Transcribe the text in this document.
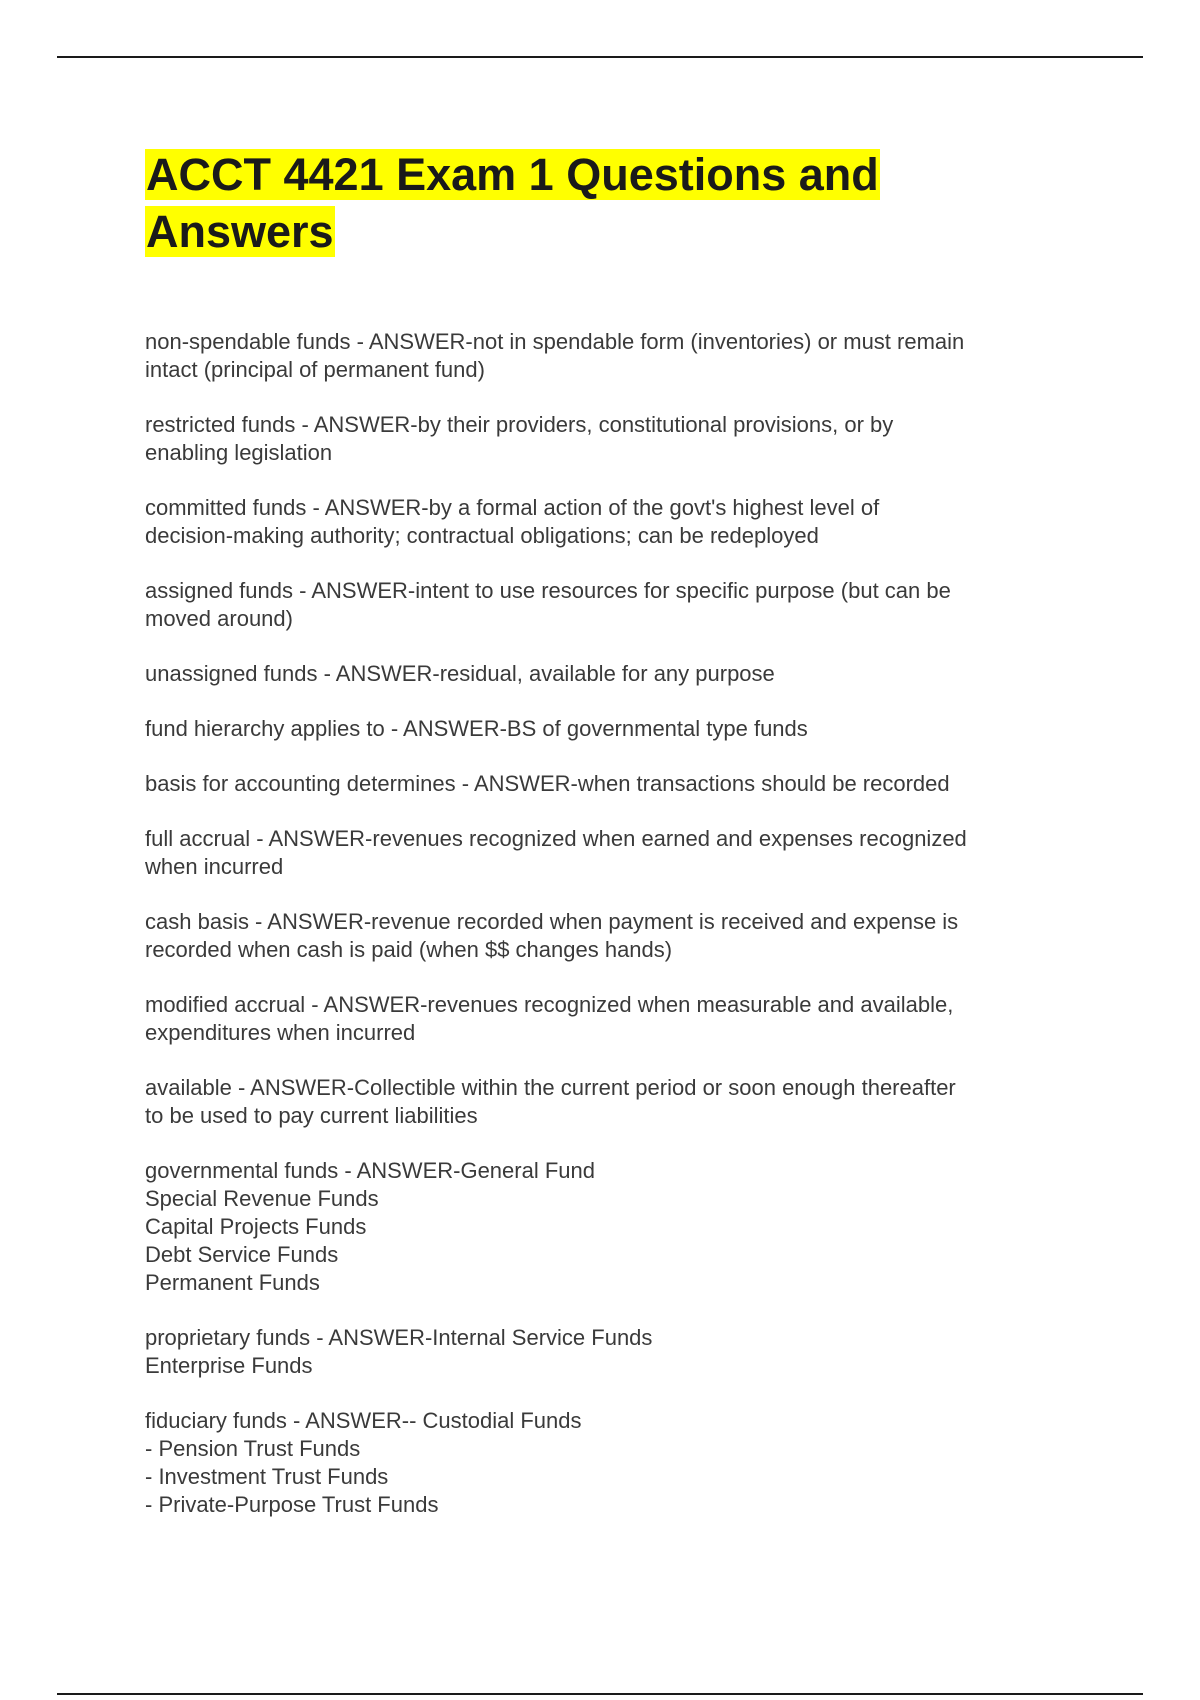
ACCT 4421 Exam 1 Questions and
Answers
non-spendable funds - ANSWER-not in spendable form (inventories) or must remain
intact (principal of permanent fund)
restricted funds - ANSWER-by their providers, constitutional provisions, or by
enabling legislation
committed funds - ANSWER-by a formal action of the govt's highest level of
decision-making authority; contractual obligations; can be redeployed
assigned funds - ANSWER-intent to use resources for specific purpose (but can be
moved around)
unassigned funds - ANSWER-residual, available for any purpose
fund hierarchy applies to - ANSWER-BS of governmental type funds
basis for accounting determines - ANSWER-when transactions should be recorded
full accrual - ANSWER-revenues recognized when earned and expenses recognized
when incurred
cash basis - ANSWER-revenue recorded when payment is received and expense is
recorded when cash is paid (when $$ changes hands)
modified accrual - ANSWER-revenues recognized when measurable and available,
expenditures when incurred
available - ANSWER-Collectible within the current period or soon enough thereafter
to be used to pay current liabilities
governmental funds - ANSWER-General Fund
Special Revenue Funds
Capital Projects Funds
Debt Service Funds
Permanent Funds
proprietary funds - ANSWER-Internal Service Funds
Enterprise Funds
fiduciary funds - ANSWER-- Custodial Funds
- Pension Trust Funds
- Investment Trust Funds
- Private-Purpose Trust Funds
